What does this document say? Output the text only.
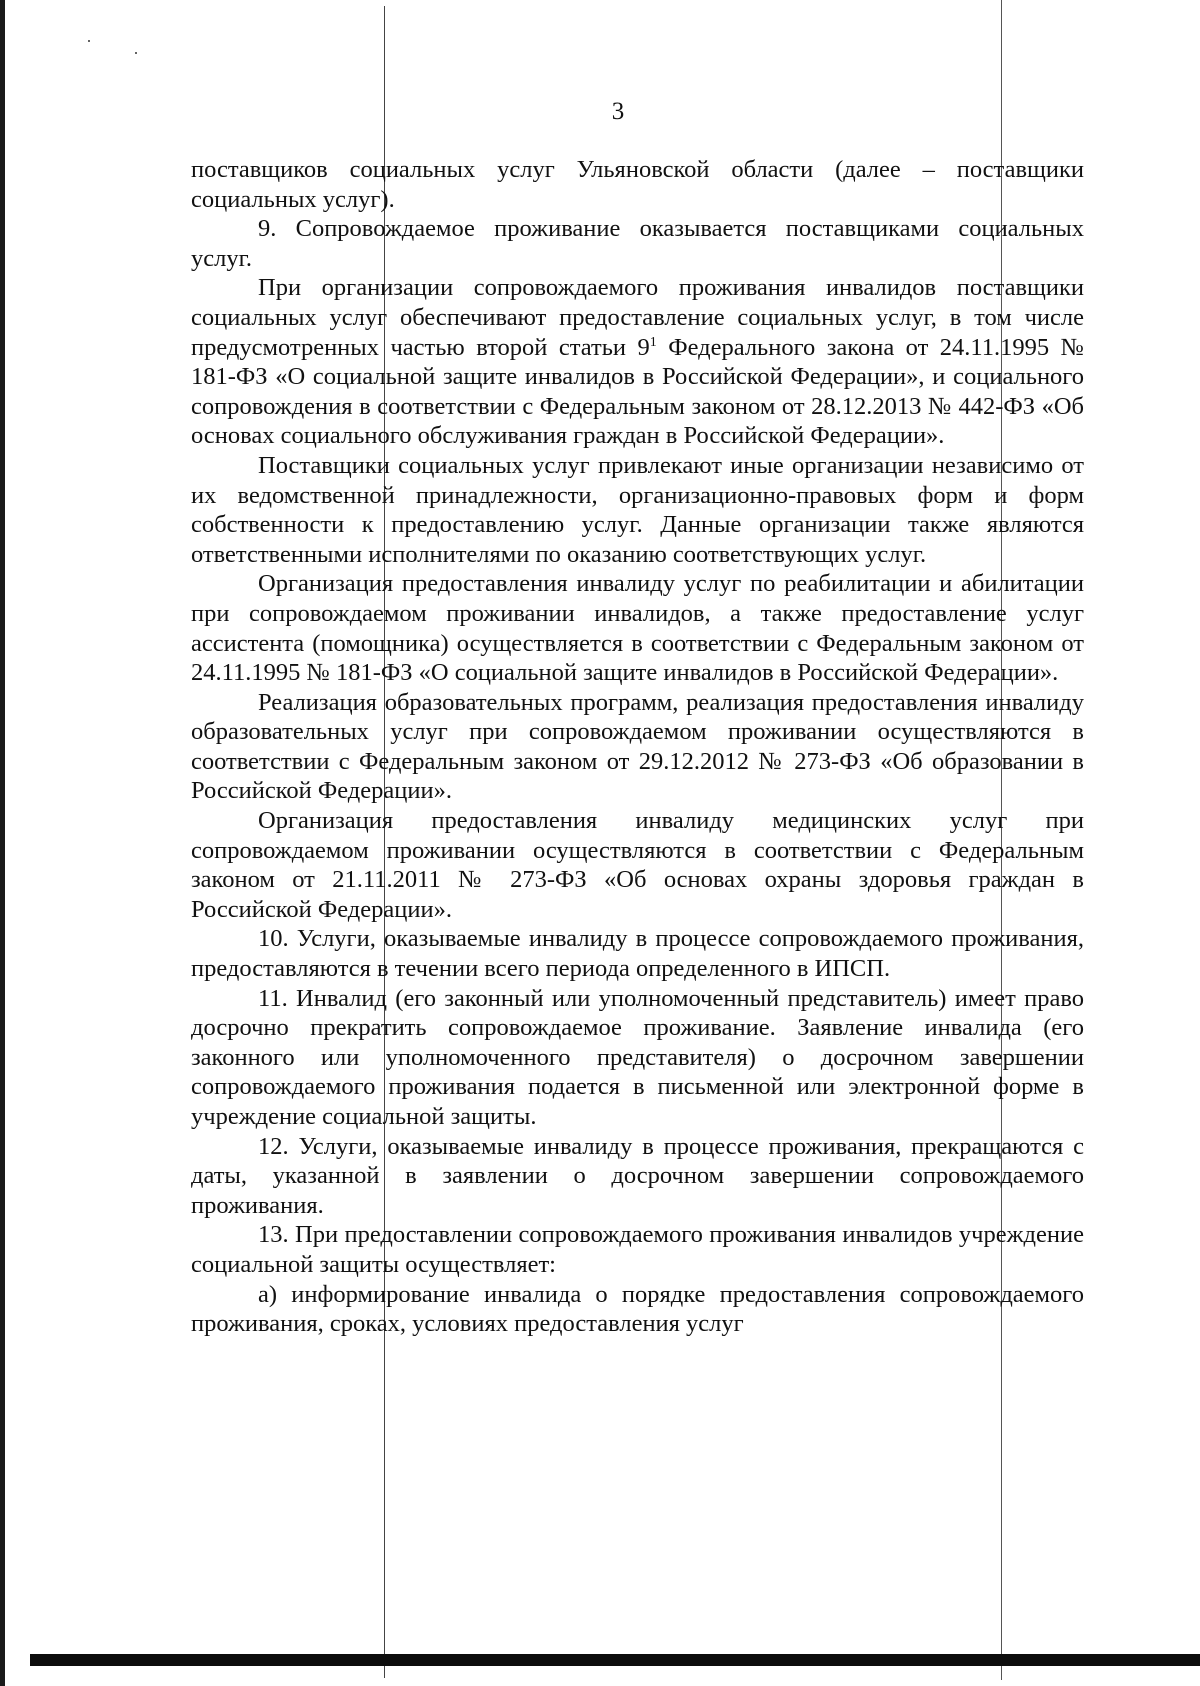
3

поставщиков социальных услуг Ульяновской области (далее – поставщики социальных услуг).

9. Сопровождаемое проживание оказывается поставщиками социальных услуг.

При организации сопровождаемого проживания инвалидов поставщики социальных услуг обеспечивают предоставление социальных услуг, в том числе предусмотренных частью второй статьи $9^1$ Федерального закона от 24.11.1995 № 181-ФЗ «О социальной защите инвалидов в Российской Федерации», и социального сопровождения в соответствии с Федеральным законом от 28.12.2013 № 442-ФЗ «Об основах социального обслуживания граждан в Российской Федерации».

Поставщики социальных услуг привлекают иные организации независимо от их ведомственной принадлежности, организационно-правовых форм и форм собственности к предоставлению услуг. Данные организации также являются ответственными исполнителями по оказанию соответствующих услуг.

Организация предоставления инвалиду услуг по реабилитации и абилитации при сопровождаемом проживании инвалидов, а также предоставление услуг ассистента (помощника) осуществляется в соответствии с Федеральным законом от 24.11.1995 № 181-ФЗ «О социальной защите инвалидов в Российской Федерации».

Реализация образовательных программ, реализация предоставления инвалиду образовательных услуг при сопровождаемом проживании осуществляются в соответствии с Федеральным законом от 29.12.2012 № 273-ФЗ «Об образовании в Российской Федерации».

Организация предоставления инвалиду медицинских услуг при сопровождаемом проживании осуществляются в соответствии с Федеральным законом от 21.11.2011 № 273-ФЗ «Об основах охраны здоровья граждан в Российской Федерации».

10. Услуги, оказываемые инвалиду в процессе сопровождаемого проживания, предоставляются в течении всего периода определенного в ИПСП.

11. Инвалид (его законный или уполномоченный представитель) имеет право досрочно прекратить сопровождаемое проживание. Заявление инвалида (его законного или уполномоченного представителя) о досрочном завершении сопровождаемого проживания подается в письменной или электронной форме в учреждение социальной защиты.

12. Услуги, оказываемые инвалиду в процессе проживания, прекращаются с даты, указанной в заявлении о досрочном завершении сопровождаемого проживания.

13. При предоставлении сопровождаемого проживания инвалидов учреждение социальной защиты осуществляет:

а) информирование инвалида о порядке предоставления сопровождаемого проживания, сроках, условиях предоставления услуг
